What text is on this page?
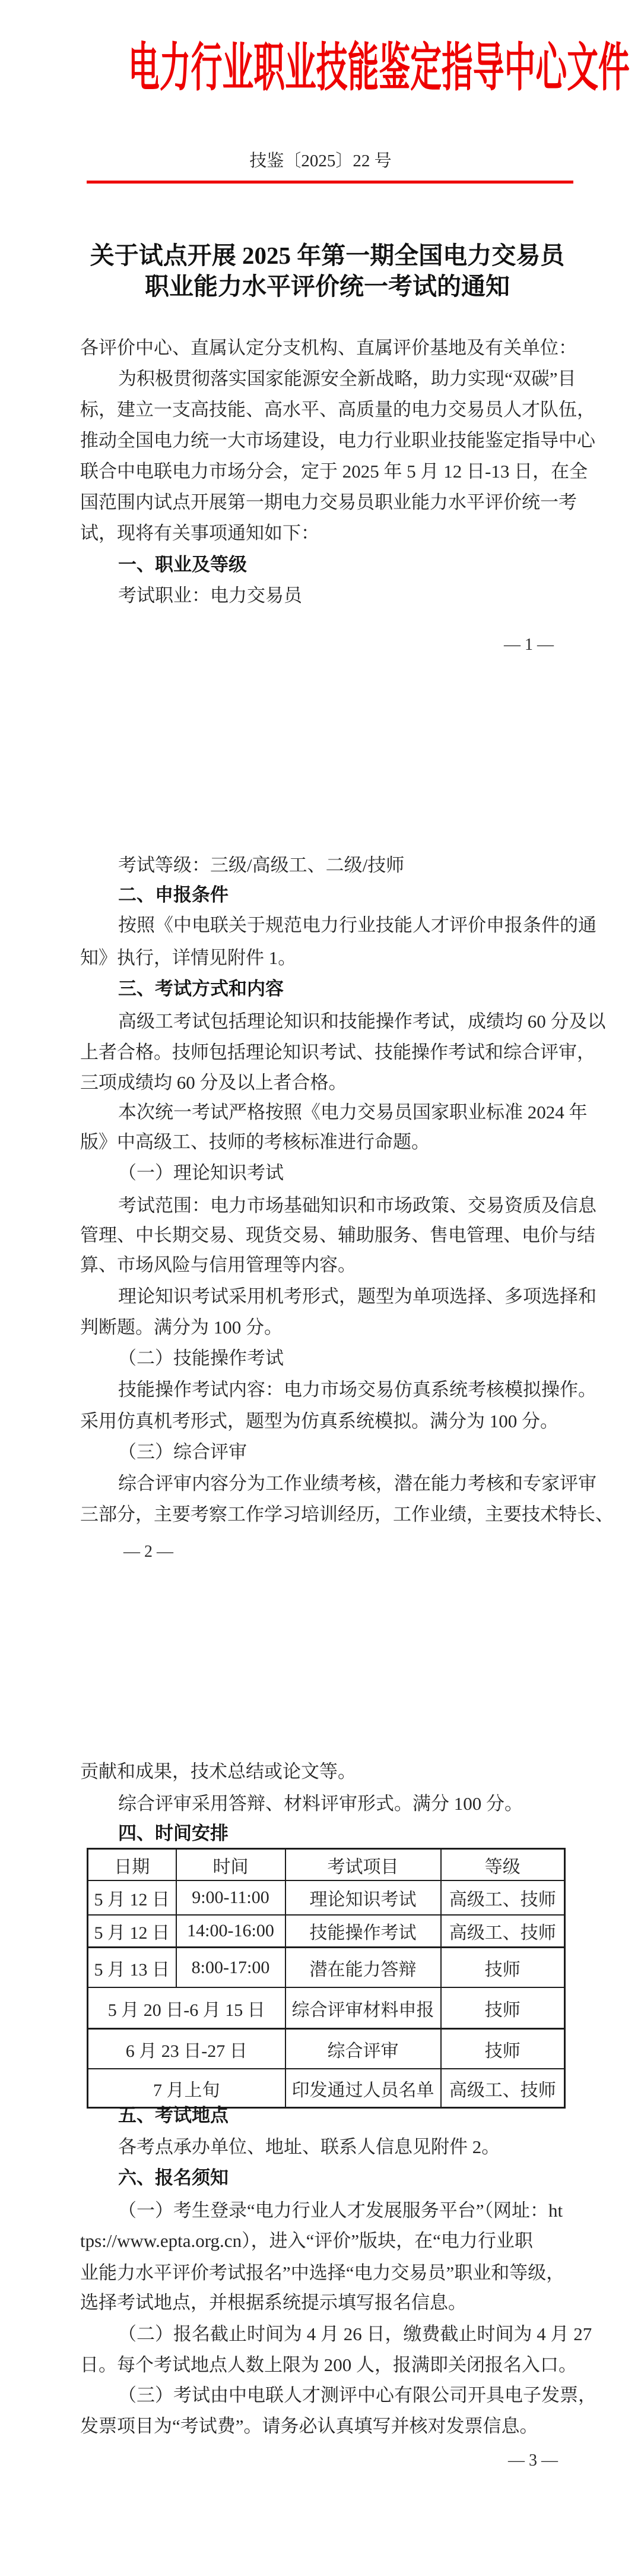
电力行业职业技能鉴定指导中心文件
技鉴〔2025〕22 号
关于试点开展 2025 年第一期全国电力交易员
职业能力水平评价统一考试的通知
各评价中心、直属认定分支机构、直属评价基地及有关单位：
为积极贯彻落实国家能源安全新战略，助力实现“双碳”目
标，建立一支高技能、高水平、高质量的电力交易员人才队伍，
推动全国电力统一大市场建设，电力行业职业技能鉴定指导中心
联合中电联电力市场分会，定于 2025 年 5 月 12 日-13 日，在全
国范围内试点开展第一期电力交易员职业能力水平评价统一考
试，现将有关事项通知如下：
一、职业及等级
考试职业：电力交易员
— 1 —
考试等级：三级/高级工、二级/技师
二、申报条件
按照《中电联关于规范电力行业技能人才评价申报条件的通
知》执行，详情见附件 1。
三、考试方式和内容
高级工考试包括理论知识和技能操作考试，成绩均 60 分及以
上者合格。技师包括理论知识考试、技能操作考试和综合评审，
三项成绩均 60 分及以上者合格。
本次统一考试严格按照《电力交易员国家职业标准 2024 年
版》中高级工、技师的考核标准进行命题。
（一）理论知识考试
考试范围：电力市场基础知识和市场政策、交易资质及信息
管理、中长期交易、现货交易、辅助服务、售电管理、电价与结
算、市场风险与信用管理等内容。
理论知识考试采用机考形式，题型为单项选择、多项选择和
判断题。满分为 100 分。
（二）技能操作考试
技能操作考试内容：电力市场交易仿真系统考核模拟操作。
采用仿真机考形式，题型为仿真系统模拟。满分为 100 分。
（三）综合评审
综合评审内容分为工作业绩考核，潜在能力考核和专家评审
三部分，主要考察工作学习培训经历，工作业绩，主要技术特长、
— 2 —
贡献和成果，技术总结或论文等。
综合评审采用答辩、材料评审形式。满分 100 分。
四、时间安排
日期	时间	考试项目	等级
5 月 12 日	9:00-11:00	理论知识考试	高级工、技师
5 月 12 日	14:00-16:00	技能操作考试	高级工、技师
5 月 13 日	8:00-17:00	潜在能力答辩	技师
5 月 20 日-6 月 15 日		综合评审材料申报	技师
6 月 23 日-27 日		综合评审	技师
7 月上旬		印发通过人员名单	高级工、技师
五、考试地点
各考点承办单位、地址、联系人信息见附件 2。
六、报名须知
（一）考生登录“电力行业人才发展服务平台”（网址：ht
tps://www.epta.org.cn），进入“评价”版块，在“电力行业职
业能力水平评价考试报名”中选择“电力交易员”职业和等级，
选择考试地点，并根据系统提示填写报名信息。
（二）报名截止时间为 4 月 26 日，缴费截止时间为 4 月 27
日。每个考试地点人数上限为 200 人，报满即关闭报名入口。
（三）考试由中电联人才测评中心有限公司开具电子发票，
发票项目为“考试费”。请务必认真填写并核对发票信息。
— 3 —
